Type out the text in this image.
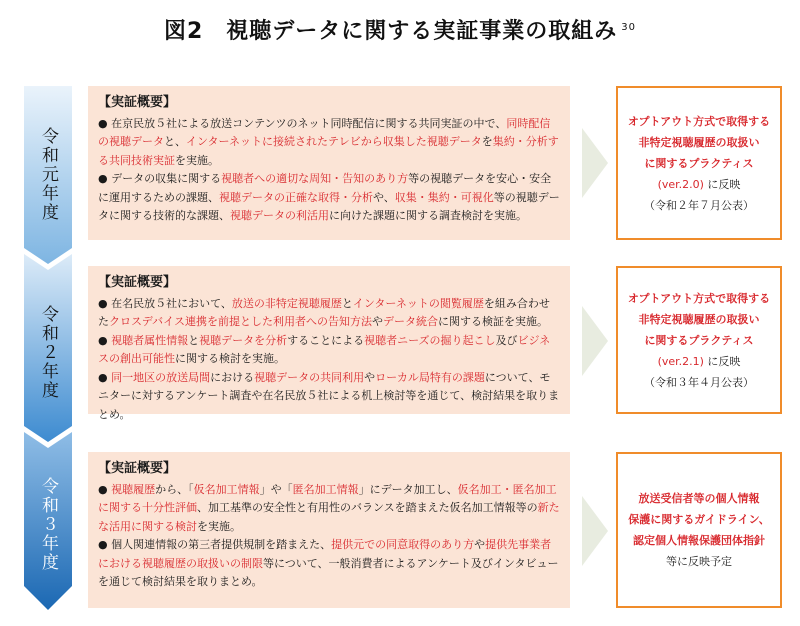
図2　視聴データに関する実証事業の取組み $^{30}$
令和元年度
令和２年度
令和３年度
【実証概要】

● 在京民放５社による放送コンテンツのネット同時配信に関する共同実証の中で、同時配信の視聴データと、インターネットに接続されたテレビから収集した視聴データを集約・分析する共同技術実証を実施。

● データの収集に関する視聴者への適切な周知・告知のあり方等の視聴データを安心・安全に運用するための課題、視聴データの正確な取得・分析や、収集・集約・可視化等の視聴データに関する技術的な課題、視聴データの利活用に向けた課題に関する調査検討を実施。

オプトアウト方式で取得する
非特定視聴履歴の取扱い
に関するプラクティス
(ver.2.0) に反映
（令和２年７月公表）
【実証概要】

● 在名民放５社において、放送の非特定視聴履歴とインターネットの閲覧履歴を組み合わせたクロスデバイス連携を前提とした利用者への告知方法やデータ統合に関する検証を実施。

● 視聴者属性情報と視聴データを分析することによる視聴者ニーズの掘り起こし及びビジネスの創出可能性に関する検討を実施。

● 同一地区の放送局間における視聴データの共同利用やローカル局特有の課題について、モニターに対するアンケート調査や在名民放５社による机上検討等を通じて、検討結果を取りまとめ。

オプトアウト方式で取得する
非特定視聴履歴の取扱い
に関するプラクティス
(ver.2.1) に反映
（令和３年４月公表）
【実証概要】

● 視聴履歴から、「仮名加工情報」や「匿名加工情報」にデータ加工し、仮名加工・匿名加工に関する十分性評価、加工基準の安全性と有用性のバランスを踏まえた仮名加工情報等の新たな活用に関する検討を実施。

● 個人関連情報の第三者提供規制を踏まえた、提供元での同意取得のあり方や提供先事業者における視聴履歴の取扱いの制限等について、一般消費者によるアンケート及びインタビューを通じて検討結果を取りまとめ。

放送受信者等の個人情報
保護に関するガイドライン、
認定個人情報保護団体指針
等に反映予定
